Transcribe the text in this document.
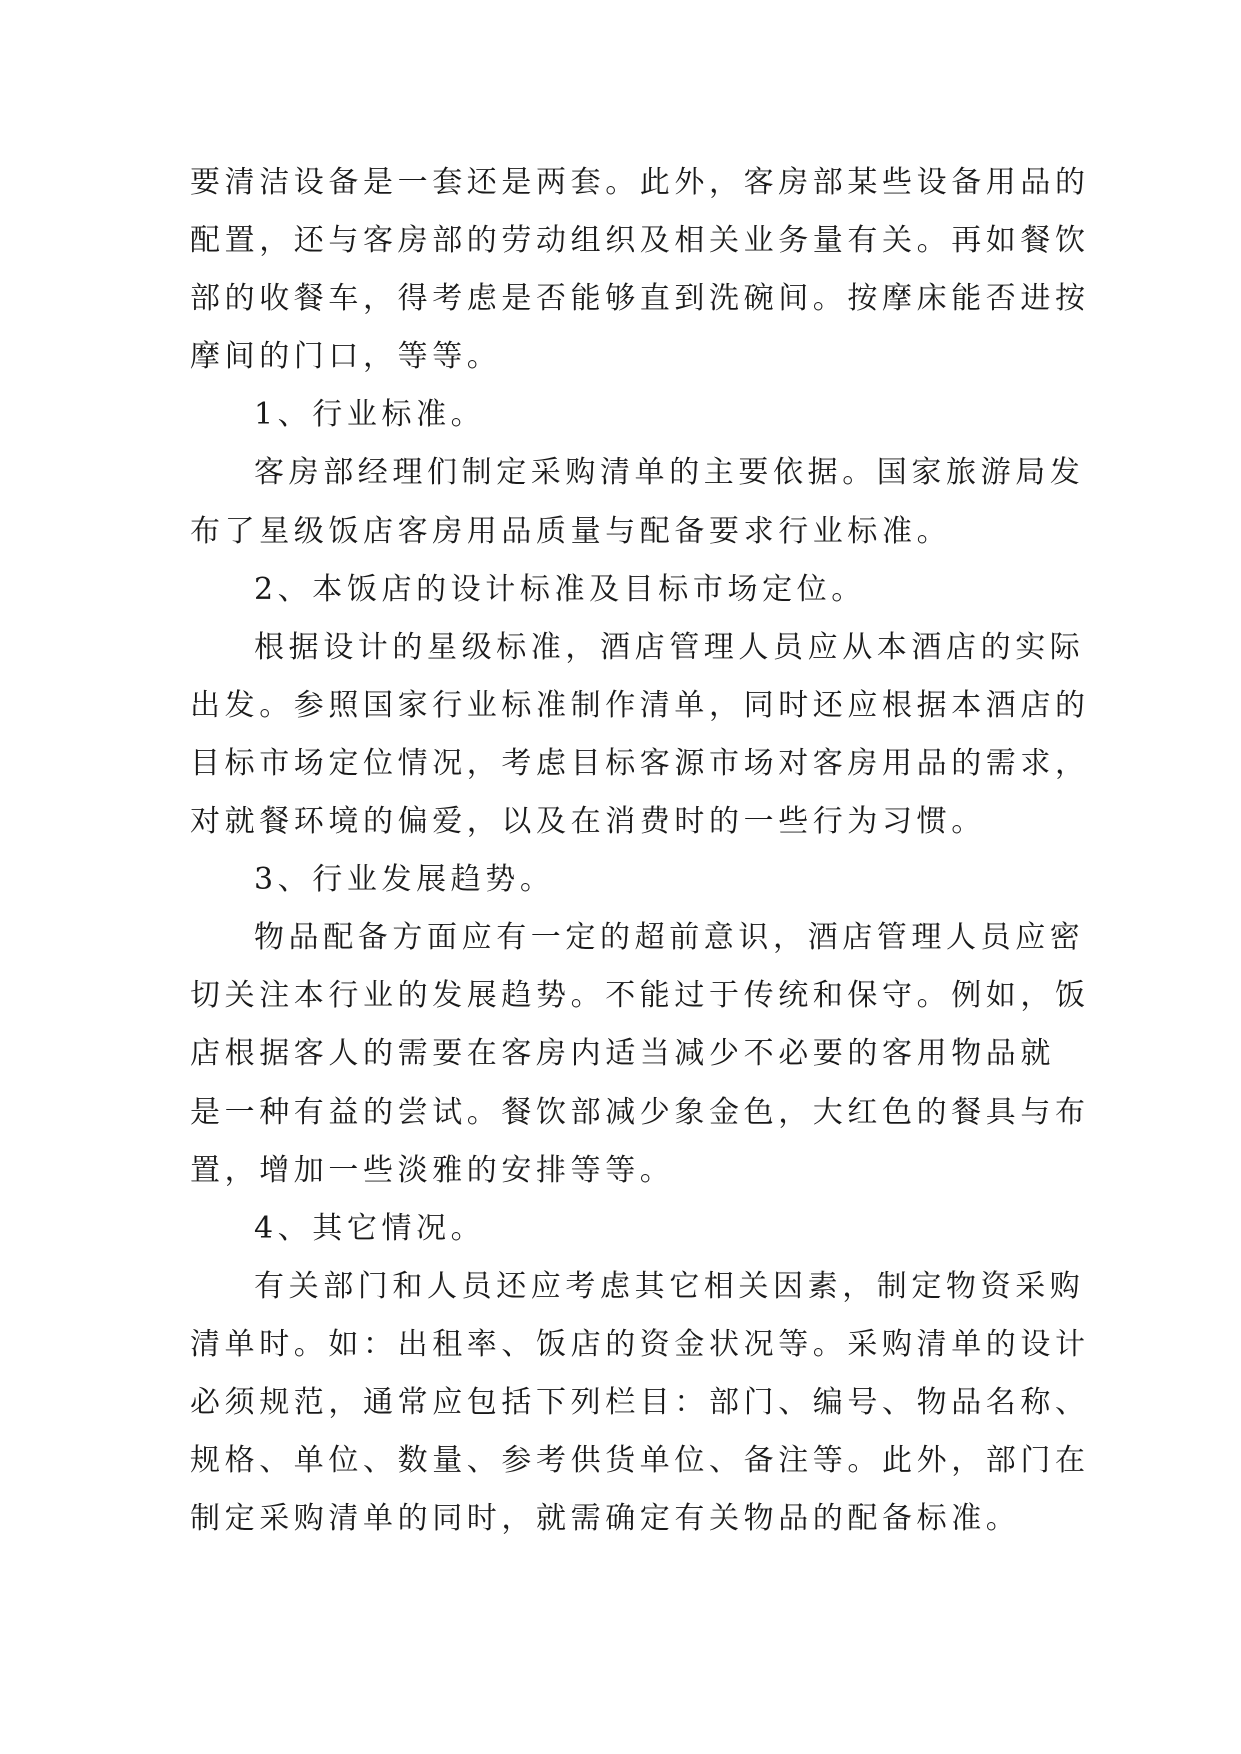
要清洁设备是一套还是两套。此外，客房部某些设备用品的
配置，还与客房部的劳动组织及相关业务量有关。再如餐饮
部的收餐车，得考虑是否能够直到洗碗间。按摩床能否进按
摩间的门口，等等。
1、行业标准。
客房部经理们制定采购清单的主要依据。国家旅游局发
布了星级饭店客房用品质量与配备要求行业标准。
2、本饭店的设计标准及目标市场定位。
根据设计的星级标准，酒店管理人员应从本酒店的实际
出发。参照国家行业标准制作清单，同时还应根据本酒店的
目标市场定位情况，考虑目标客源市场对客房用品的需求，
对就餐环境的偏爱，以及在消费时的一些行为习惯。
3、行业发展趋势。
物品配备方面应有一定的超前意识，酒店管理人员应密
切关注本行业的发展趋势。不能过于传统和保守。例如，饭
店根据客人的需要在客房内适当减少不必要的客用物品就
是一种有益的尝试。餐饮部减少象金色，大红色的餐具与布
置，增加一些淡雅的安排等等。
4、其它情况。
有关部门和人员还应考虑其它相关因素，制定物资采购
清单时。如：出租率、饭店的资金状况等。采购清单的设计
必须规范，通常应包括下列栏目：部门、编号、物品名称、
规格、单位、数量、参考供货单位、备注等。此外，部门在
制定采购清单的同时，就需确定有关物品的配备标准。
